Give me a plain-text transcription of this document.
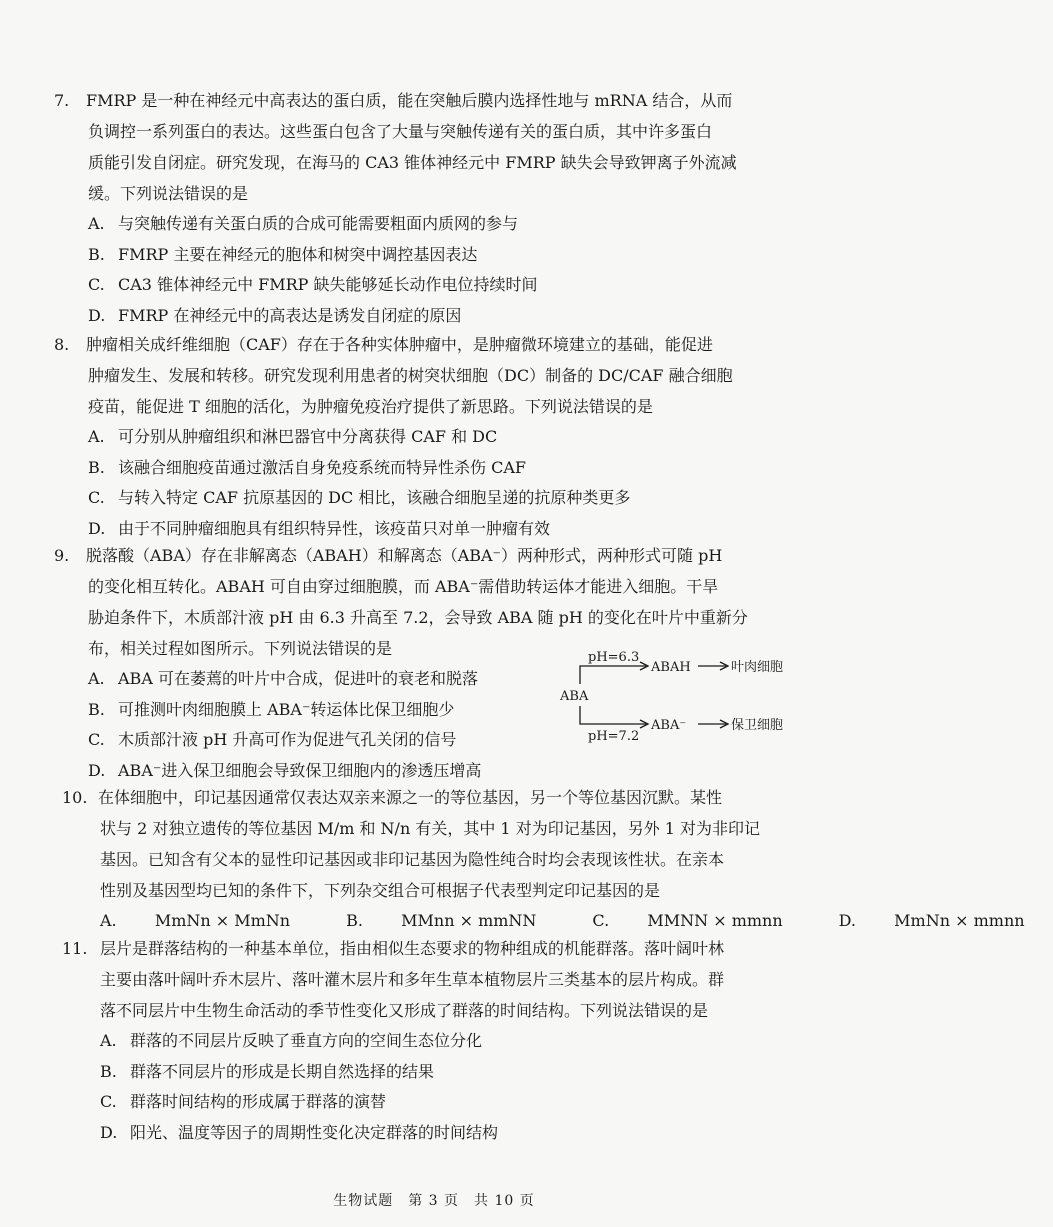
7.	FMRP 是一种在神经元中高表达的蛋白质，能在突触后膜内选择性地与 mRNA 结合，从而
负调控一系列蛋白的表达。这些蛋白包含了大量与突触传递有关的蛋白质，其中许多蛋白
质能引发自闭症。研究发现，在海马的 CA3 锥体神经元中 FMRP 缺失会导致钾离子外流减
缓。下列说法错误的是
A. 与突触传递有关蛋白质的合成可能需要粗面内质网的参与
B. FMRP 主要在神经元的胞体和树突中调控基因表达
C. CA3 锥体神经元中 FMRP 缺失能够延长动作电位持续时间
D. FMRP 在神经元中的高表达是诱发自闭症的原因
8.	肿瘤相关成纤维细胞（CAF）存在于各种实体肿瘤中，是肿瘤微环境建立的基础，能促进
肿瘤发生、发展和转移。研究发现利用患者的树突状细胞（DC）制备的 DC/CAF 融合细胞
疫苗，能促进 T 细胞的活化，为肿瘤免疫治疗提供了新思路。下列说法错误的是
A. 可分别从肿瘤组织和淋巴器官中分离获得 CAF 和 DC
B. 该融合细胞疫苗通过激活自身免疫系统而特异性杀伤 CAF
C. 与转入特定 CAF 抗原基因的 DC 相比，该融合细胞呈递的抗原种类更多
D. 由于不同肿瘤细胞具有组织特异性，该疫苗只对单一肿瘤有效
9.	脱落酸（ABA）存在非解离态（ABAH）和解离态（ABA⁻）两种形式，两种形式可随 pH
的变化相互转化。ABAH 可自由穿过细胞膜，而 ABA⁻需借助转运体才能进入细胞。干旱
胁迫条件下，木质部汁液 pH 由 6.3 升高至 7.2，会导致 ABA 随 pH 的变化在叶片中重新分
布，相关过程如图所示。下列说法错误的是
A. ABA 可在萎蔫的叶片中合成，促进叶的衰老和脱落
B. 可推测叶肉细胞膜上 ABA⁻转运体比保卫细胞少
C. 木质部汁液 pH 升高可作为促进气孔关闭的信号
D. ABA⁻进入保卫细胞会导致保卫细胞内的渗透压增高
ABA
pH=6.3
pH=7.2
ABAH
ABA⁻
叶肉细胞
保卫细胞
10. 在体细胞中，印记基因通常仅表达双亲来源之一的等位基因，另一个等位基因沉默。某性
状与 2 对独立遗传的等位基因 M/m 和 N/n 有关，其中 1 对为印记基因，另外 1 对为非印记
基因。已知含有父本的显性印记基因或非印记基因为隐性纯合时均会表现该性状。在亲本
性别及基因型均已知的条件下，下列杂交组合可根据子代表型判定印记基因的是
A. MmNn × MmNn	B. MMnn × mmNN	C. MMNN × mmnn	D. MmNn × mmnn
11. 层片是群落结构的一种基本单位，指由相似生态要求的物种组成的机能群落。落叶阔叶林
主要由落叶阔叶乔木层片、落叶灌木层片和多年生草本植物层片三类基本的层片构成。群
落不同层片中生物生命活动的季节性变化又形成了群落的时间结构。下列说法错误的是
A. 群落的不同层片反映了垂直方向的空间生态位分化
B. 群落不同层片的形成是长期自然选择的结果
C. 群落时间结构的形成属于群落的演替
D. 阳光、温度等因子的周期性变化决定群落的时间结构
生物试题　第 3 页　共 10 页
